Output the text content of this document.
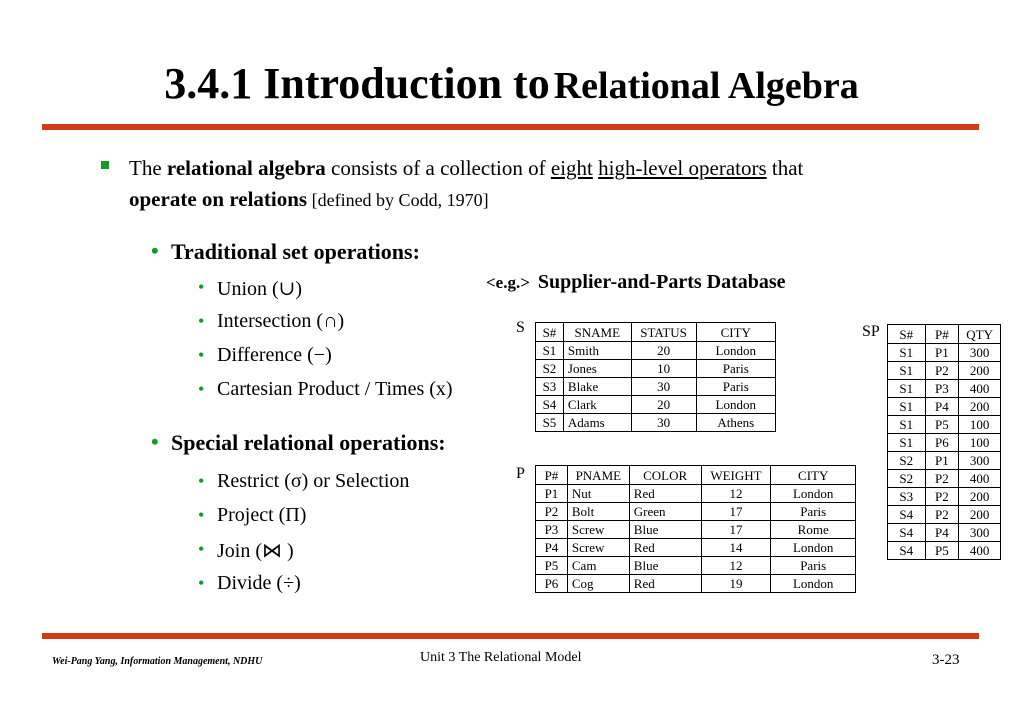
3.4.1 Introduction to Relational Algebra
The relational algebra consists of a collection of eight high-level operators that
operate on relations [defined by Codd, 1970]
• Traditional set operations:
• Union (∪)
• Intersection (∩)
• Difference (−)
• Cartesian Product / Times (x)
• Special relational operations:
• Restrict (σ) or Selection
• Project (Π)
• Join (⋈ )
• Divide (÷)
<e.g.> Supplier-and-Parts Database
S S#	SNAME	STATUS	CITY
S1	Smith	20	London
S2	Jones	10	Paris
S3	Blake	30	Paris
S4	Clark	20	London
S5	Adams	30	Athens
P P#	PNAME	COLOR	WEIGHT	CITY
P1	Nut	Red	12	London
P2	Bolt	Green	17	Paris
P3	Screw	Blue	17	Rome
P4	Screw	Red	14	London
P5	Cam	Blue	12	Paris
P6	Cog	Red	19	London
SP S#	P#	QTY
S1	P1	300
S1	P2	200
S1	P3	400
S1	P4	200
S1	P5	100
S1	P6	100
S2	P1	300
S2	P2	400
S3	P2	200
S4	P2	200
S4	P4	300
S4	P5	400
Wei-Pang Yang, Information Management, NDHU	Unit 3 The Relational Model	3-23
